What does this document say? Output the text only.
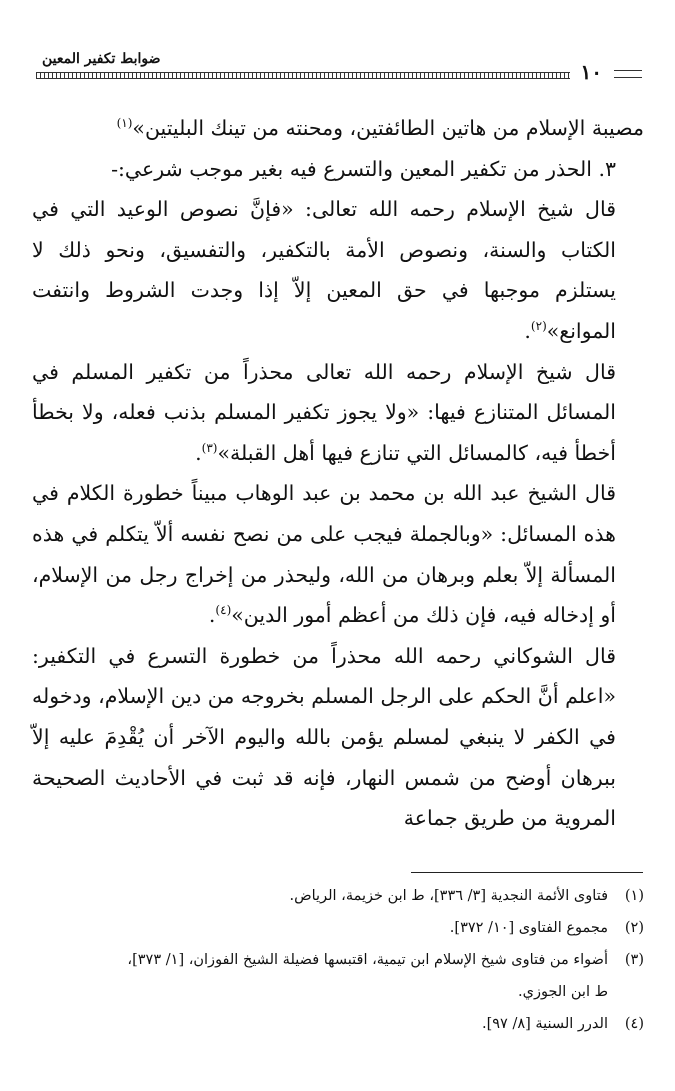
١٠
ضوابط تكفير المعين

مصيبة الإسلام من هاتين الطائفتين، ومحنته من تينك البليتين»$^{(١)}$

٣. الحذر من تكفير المعين والتسرع فيه بغير موجب شرعي:-

قال شيخ الإسلام رحمه الله تعالى: «فإنَّ نصوص الوعيد التي في الكتاب والسنة، ونصوص الأمة بالتكفير، والتفسيق، ونحو ذلك لا يستلزم موجبها في حق المعين إلاّ إذا وجدت الشروط وانتفت الموانع»$^{(٢)}$.

قال شيخ الإسلام رحمه الله تعالى محذراً من تكفير المسلم في المسائل المتنازع فيها: «ولا يجوز تكفير المسلم بذنب فعله، ولا بخطأ أخطأ فيه، كالمسائل التي تنازع فيها أهل القبلة»$^{(٣)}$.

قال الشيخ عبد الله بن محمد بن عبد الوهاب مبيناً خطورة الكلام في هذه المسائل: «وبالجملة فيجب على من نصح نفسه ألاّ يتكلم في هذه المسألة إلاّ بعلم وبرهان من الله، وليحذر من إخراج رجل من الإسلام، أو إدخاله فيه، فإن ذلك من أعظم أمور الدين»$^{(٤)}$.

قال الشوكاني رحمه الله محذراً من خطورة التسرع في التكفير: «اعلم أنَّ الحكم على الرجل المسلم بخروجه من دين الإسلام، ودخوله في الكفر لا ينبغي لمسلم يؤمن بالله واليوم الآخر أن يُقْدِمَ عليه إلاّ ببرهان أوضح من شمس النهار، فإنه قد ثبت في الأحاديث الصحيحة المروية من طريق جماعة

(١)فتاوى الأئمة النجدية [٣/ ٣٣٦]، ط ابن خزيمة، الرياض.

(٢)مجموع الفتاوى [١٠/ ٣٧٢].

(٣)أضواء من فتاوى شيخ الإسلام ابن تيمية، اقتبسها فضيلة الشيخ الفوزان، [١/ ٣٧٣]،
ط ابن الجوزي.

(٤)الدرر السنية [٨/ ٩٧].
